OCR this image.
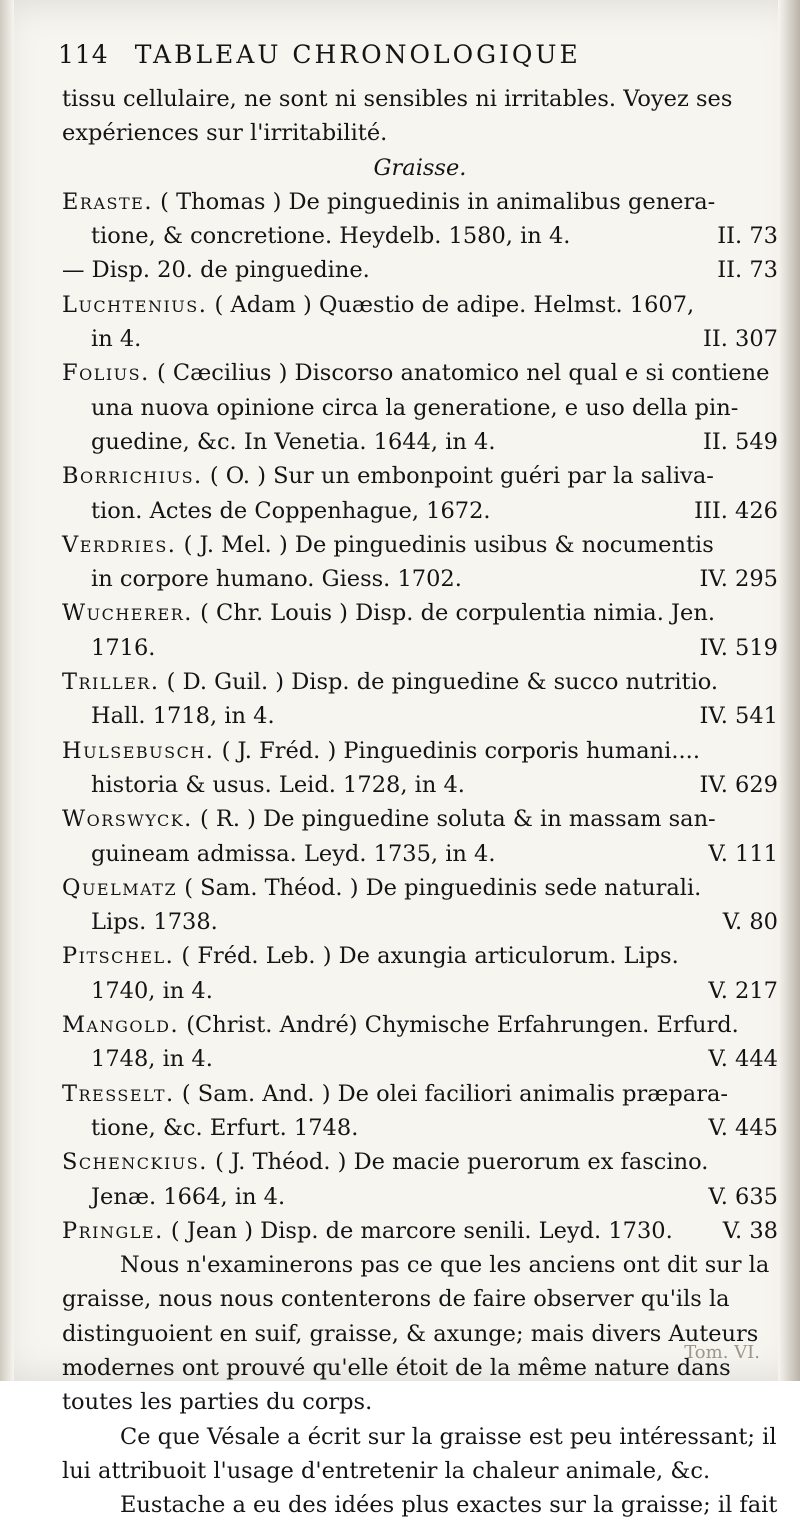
114 TABLEAU CHRONOLOGIQUE
tissu cellulaire, ne sont ni sensibles ni irritables. Voyez ses
expériences sur l'irritabilité.
Graisse.
Eraste. ( Thomas ) De pinguedinis in animalibus genera-
tione, & concretione. Heydelb. 1580, in 4.	II. 73
— Disp. 20. de pinguedine.	II. 73
Luchtenius. ( Adam ) Quæstio de adipe. Helmst. 1607,
in 4.	II. 307
Folius. ( Cæcilius ) Discorso anatomico nel qual e si contiene
una nuova opinione circa la generatione, e uso della pin-
guedine, &c. In Venetia. 1644, in 4.	II. 549
Borrichius. ( O. ) Sur un embonpoint guéri par la saliva-
tion. Actes de Coppenhague, 1672.	III. 426
Verdries. ( J. Mel. ) De pinguedinis usibus & nocumentis
in corpore humano. Giess. 1702.	IV. 295
Wucherer. ( Chr. Louis ) Disp. de corpulentia nimia. Jen.
1716.	IV. 519
Triller. ( D. Guil. ) Disp. de pinguedine & succo nutritio.
Hall. 1718, in 4.	IV. 541
Hulsebusch. ( J. Fréd. ) Pinguedinis corporis humani....
historia & usus. Leid. 1728, in 4.	IV. 629
Worswyck. ( R. ) De pinguedine soluta & in massam san-
guineam admissa. Leyd. 1735, in 4.	V. 111
Quelmatz ( Sam. Théod. ) De pinguedinis sede naturali.
Lips. 1738.	V. 80
Pitschel. ( Fréd. Leb. ) De axungia articulorum. Lips.
1740, in 4.	V. 217
Mangold. (Christ. André) Chymische Erfahrungen. Erfurd.
1748, in 4.	V. 444
Tresselt. ( Sam. And. ) De olei faciliori animalis præpara-
tione, &c. Erfurt. 1748.	V. 445
Schenckius. ( J. Théod. ) De macie puerorum ex fascino.
Jenæ. 1664, in 4.	V. 635
Pringle. ( Jean ) Disp. de marcore senili. Leyd. 1730.	V. 38
Nous n'examinerons pas ce que les anciens ont dit sur la
graisse, nous nous contenterons de faire observer qu'ils la
distinguoient en suif, graisse, & axunge; mais divers Auteurs
modernes ont prouvé qu'elle étoit de la même nature dans
toutes les parties du corps.
Ce que Vésale a écrit sur la graisse est peu intéressant; il
lui attribuoit l'usage d'entretenir la chaleur animale, &c.
Eustache a eu des idées plus exactes sur la graisse; il fait
Tom. VI.
